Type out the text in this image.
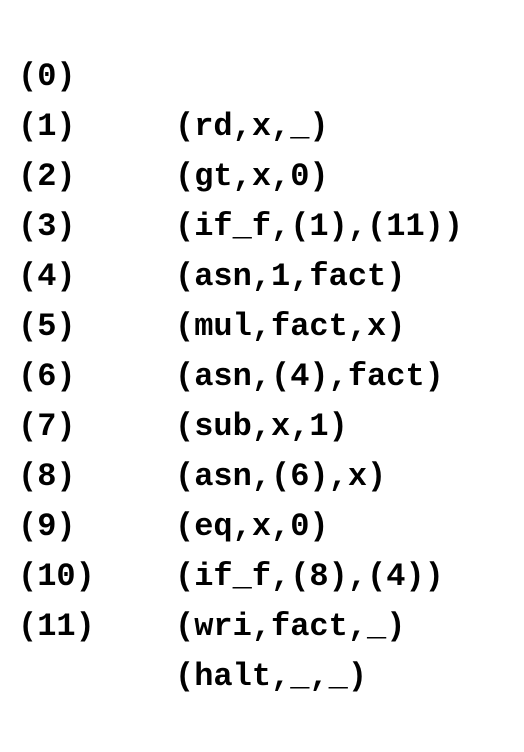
(0)

(rd,x,_)

(1)

(gt,x,0)

(2)

(if_f,(1),(11))

(3)

(asn,1,fact)

(4)

(mul,fact,x)

(5)

(asn,(4),fact)

(6)

(sub,x,1)

(7)

(asn,(6),x)

(8)

(eq,x,0)

(9)

(if_f,(8),(4))

(10)

(wri,fact,_)

(11)

(halt,_,_)
